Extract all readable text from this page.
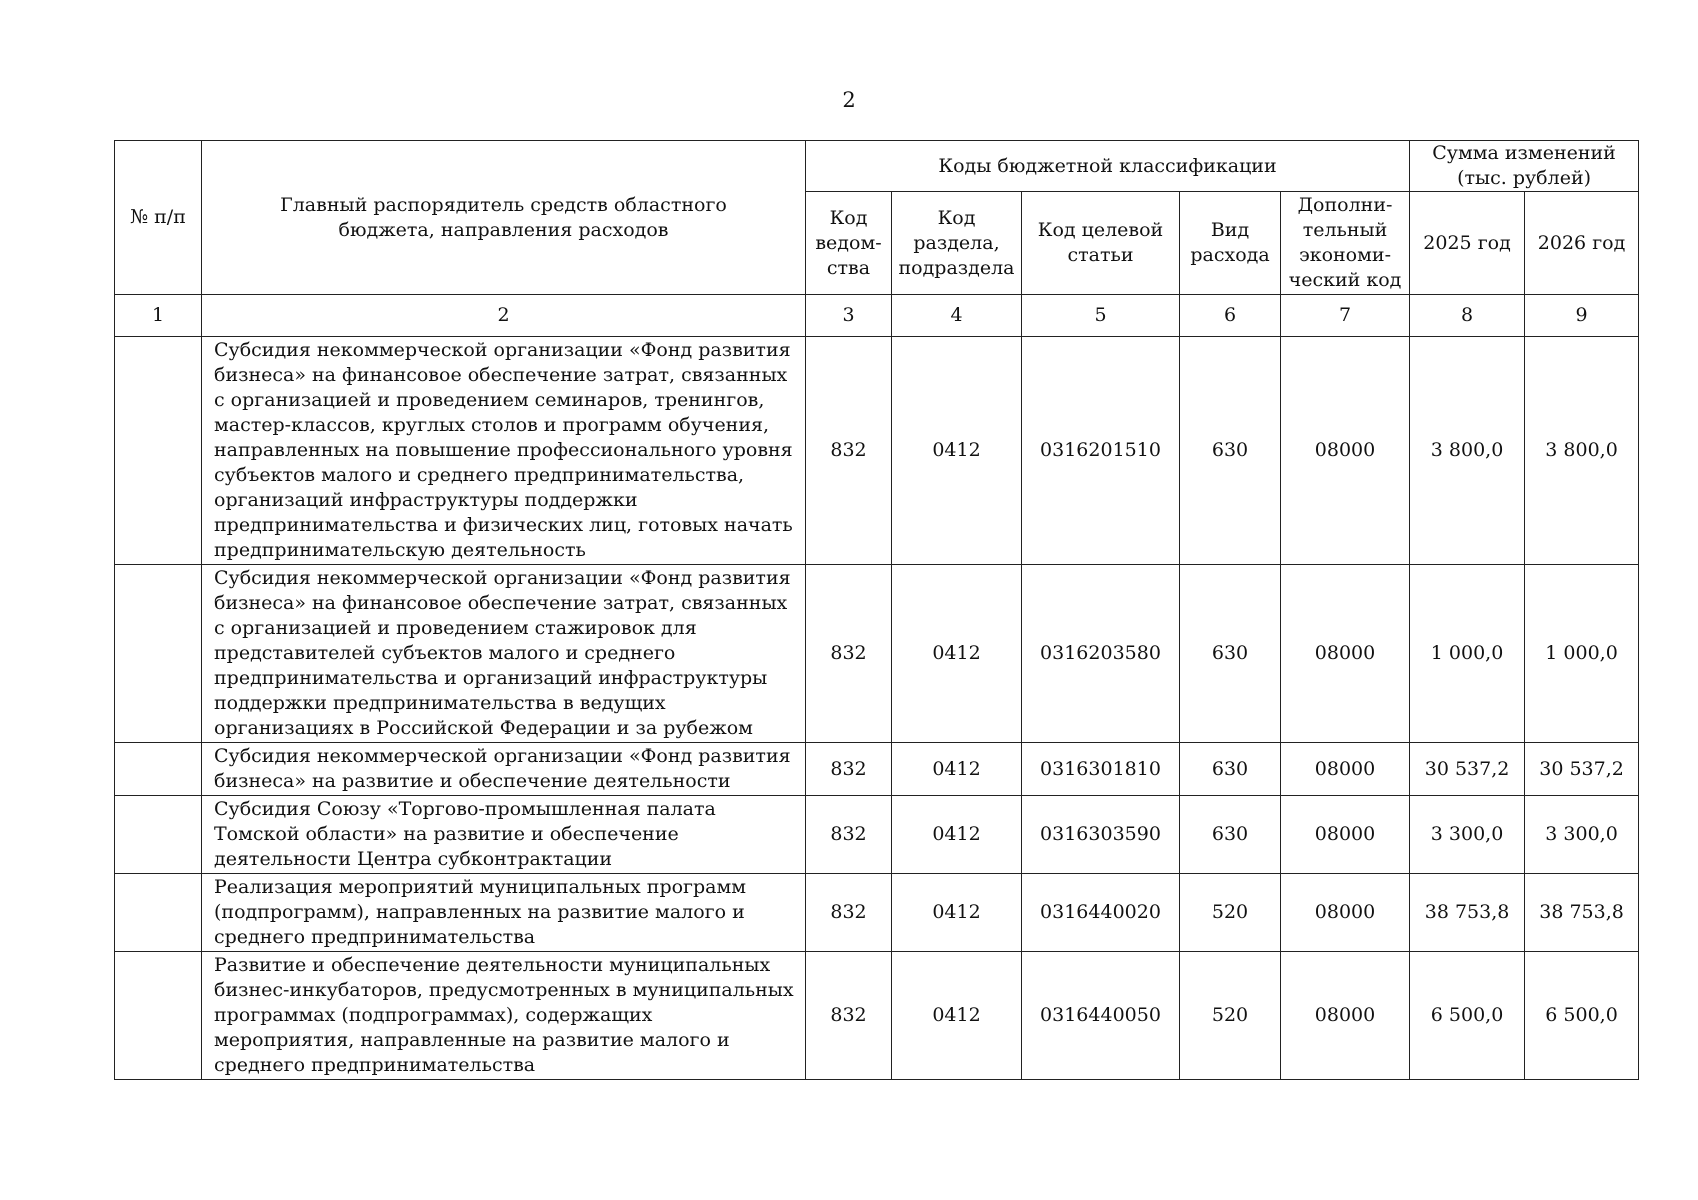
2
№ п/п	Главный распорядитель средств областного бюджета, направления расходов	Коды бюджетной классификации					Сумма изменений (тыс. рублей)	
		Код ведом-ства	Код раздела, подраздела	Код целевой статьи	Вид расхода	Дополни-тельный экономи-ческий код	2025 год	2026 год
1	2	3	4	5	6	7	8	9
	Субсидия некоммерческой организации «Фонд развития бизнеса» на финансовое обеспечение затрат, связанных с организацией и проведением семинаров, тренингов, мастер-классов, круглых столов и программ обучения, направленных на повышение профессионального уровня субъектов малого и среднего предпринимательства, организаций инфраструктуры поддержки предпринимательства и физических лиц, готовых начать предпринимательскую деятельность	832	0412	0316201510	630	08000	3 800,0	3 800,0
	Субсидия некоммерческой организации «Фонд развития бизнеса» на финансовое обеспечение затрат, связанных с организацией и проведением стажировок для представителей субъектов малого и среднего предпринимательства и организаций инфраструктуры поддержки предпринимательства в ведущих организациях в Российской Федерации и за рубежом	832	0412	0316203580	630	08000	1 000,0	1 000,0
	Субсидия некоммерческой организации «Фонд развития бизнеса» на развитие и обеспечение деятельности	832	0412	0316301810	630	08000	30 537,2	30 537,2
	Субсидия Союзу «Торгово-промышленная палата Томской области» на развитие и обеспечение деятельности Центра субконтрактации	832	0412	0316303590	630	08000	3 300,0	3 300,0
	Реализация мероприятий муниципальных программ (подпрограмм), направленных на развитие малого и среднего предпринимательства	832	0412	0316440020	520	08000	38 753,8	38 753,8
	Развитие и обеспечение деятельности муниципальных бизнес-инкубаторов, предусмотренных в муниципальных программах (подпрограммах), содержащих мероприятия, направленные на развитие малого и среднего предпринимательства	832	0412	0316440050	520	08000	6 500,0	6 500,0
